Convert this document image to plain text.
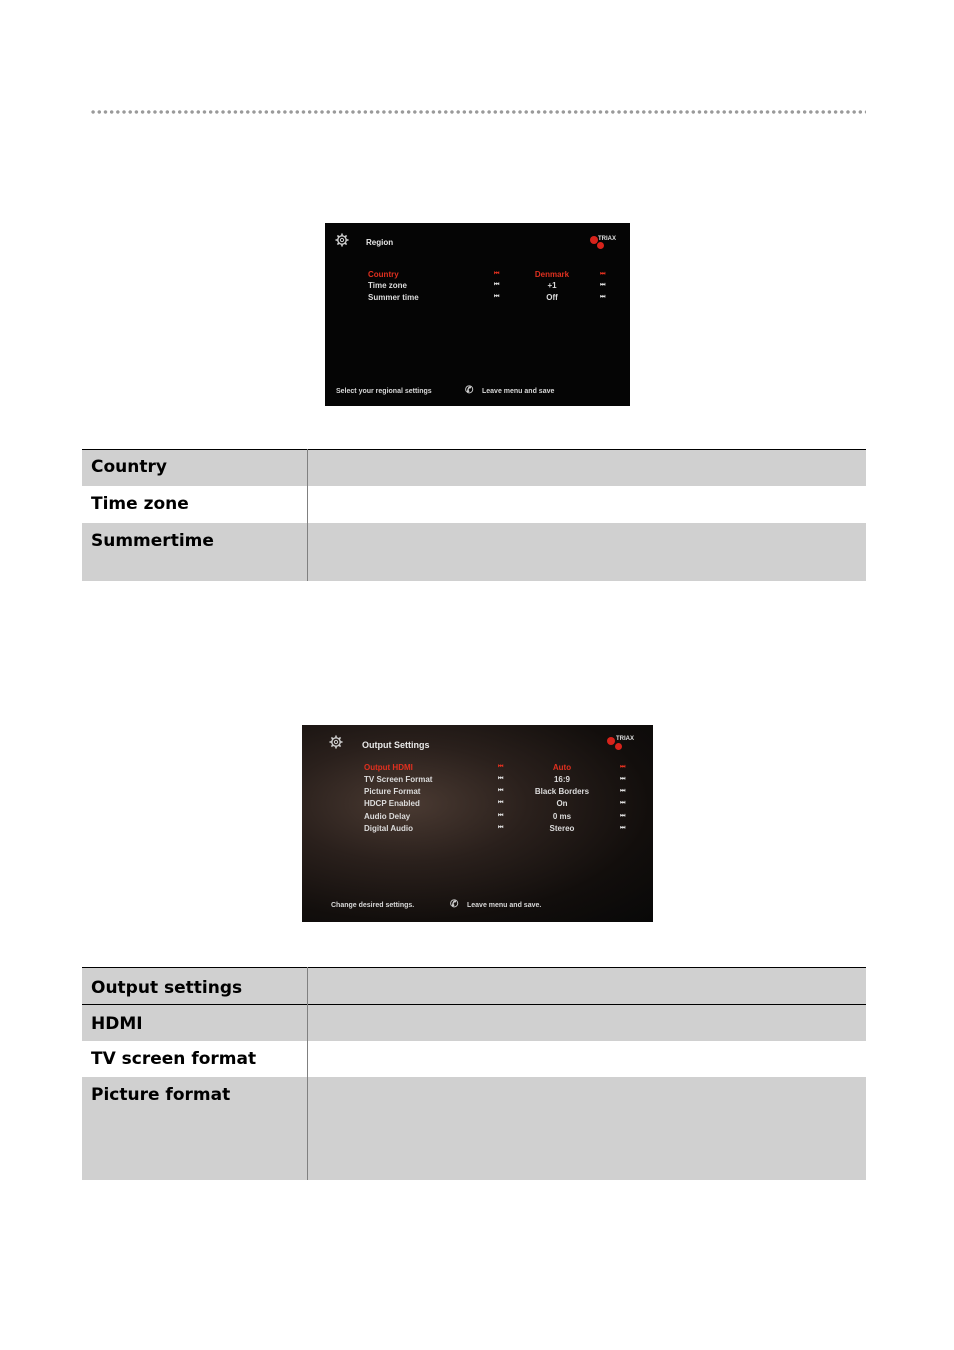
Region	TRIAX
Country	⏮	Denmark	⏭
Time zone	⏮	+1	⏭
Summer time	⏮	Off	⏭
Select your regional settings	✆ Leave menu and save
Country	
Time zone	
Summertime	
Output Settings
TRIAX
Output HDMI	⏮	Auto	⏭
TV Screen Format	⏮	16:9	⏭
Picture Format	⏮	Black Borders	⏭
HDCP Enabled	⏮	On	⏭
Audio Delay	⏮	0 ms	⏭
Digital Audio	⏮	Stereo	⏭
Change desired settings.	✆ Leave menu and save.
Output settings	
HDMI	
TV screen format	
Picture format	
